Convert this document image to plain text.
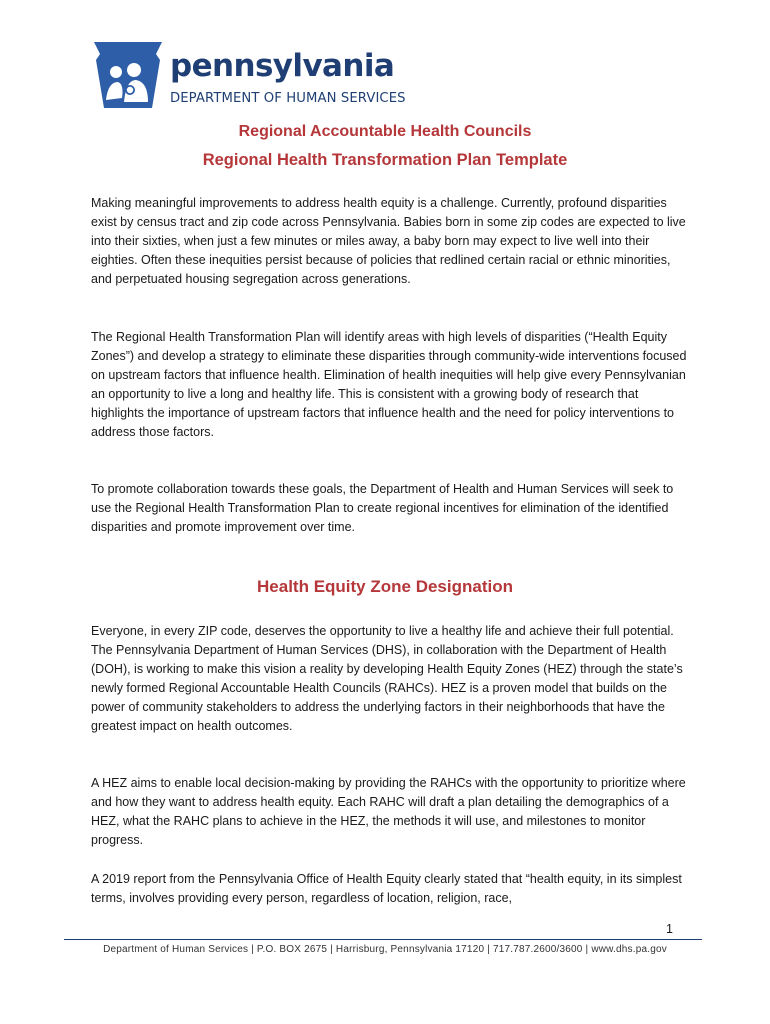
pennsylvania
DEPARTMENT OF HUMAN SERVICES
Regional Accountable Health Councils
Regional Health Transformation Plan Template

Making meaningful improvements to address health equity is a challenge. Currently, profound disparities exist by census tract and zip code across Pennsylvania. Babies born in some zip codes are expected to live into their sixties, when just a few minutes or miles away, a baby born may expect to live well into their eighties. Often these inequities persist because of policies that redlined certain racial or ethnic minorities, and perpetuated housing segregation across generations.

The Regional Health Transformation Plan will identify areas with high levels of disparities (“Health Equity Zones”) and develop a strategy to eliminate these disparities through community-wide interventions focused on upstream factors that influence health. Elimination of health inequities will help give every Pennsylvanian an opportunity to live a long and healthy life. This is consistent with a growing body of research that highlights the importance of upstream factors that influence health and the need for policy interventions to address those factors.

To promote collaboration towards these goals, the Department of Health and Human Services will seek to use the Regional Health Transformation Plan to create regional incentives for elimination of the identified disparities and promote improvement over time.

Health Equity Zone Designation

Everyone, in every ZIP code, deserves the opportunity to live a healthy life and achieve their full potential. The Pennsylvania Department of Human Services (DHS), in collaboration with the Department of Health (DOH), is working to make this vision a reality by developing Health Equity Zones (HEZ) through the state’s newly formed Regional Accountable Health Councils (RAHCs). HEZ is a proven model that builds on the power of community stakeholders to address the underlying factors in their neighborhoods that have the greatest impact on health outcomes.

A HEZ aims to enable local decision-making by providing the RAHCs with the opportunity to prioritize where and how they want to address health equity. Each RAHC will draft a plan detailing the demographics of a HEZ, what the RAHC plans to achieve in the HEZ, the methods it will use, and milestones to monitor progress.

A 2019 report from the Pennsylvania Office of Health Equity clearly stated that “health equity, in its simplest terms, involves providing every person, regardless of location, religion, race,

1
Department of Human Services | P.O. BOX 2675 | Harrisburg, Pennsylvania 17120 | 717.787.2600/3600 | www.dhs.pa.gov
